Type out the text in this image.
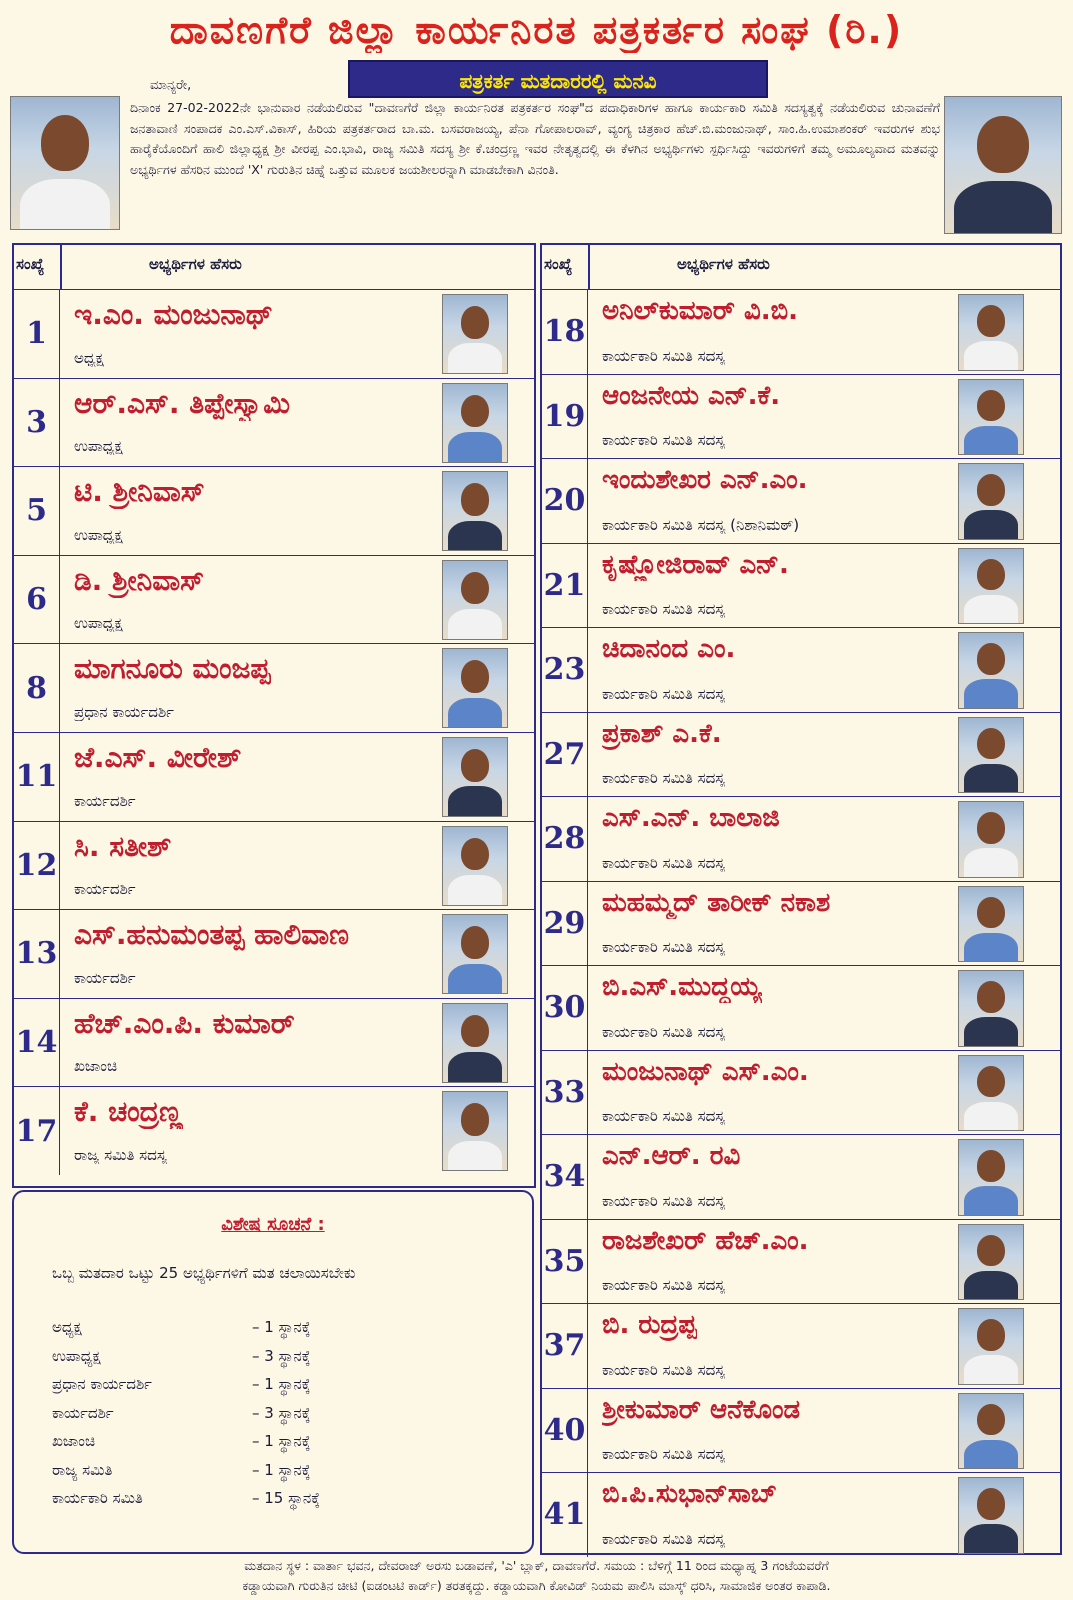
ದಾವಣಗೆರೆ ಜಿಲ್ಲಾ ಕಾರ್ಯನಿರತ ಪತ್ರಕರ್ತರ ಸಂಘ (ರಿ.)
ಪತ್ರಕರ್ತ ಮತದಾರರಲ್ಲಿ ಮನವಿ
ಮಾನ್ಯರೇ,
ದಿನಾಂಕ 27-02-2022ನೇ ಭಾನುವಾರ ನಡೆಯಲಿರುವ "ದಾವಣಗೆರೆ ಜಿಲ್ಲಾ ಕಾರ್ಯನಿರತ ಪತ್ರಕರ್ತರ ಸಂಘ"ದ ಪದಾಧಿಕಾರಿಗಳ ಹಾಗೂ ಕಾರ್ಯಕಾರಿ ಸಮಿತಿ ಸದಸ್ಯತ್ವಕ್ಕೆ ನಡೆಯಲಿರುವ ಚುನಾವಣೆಗೆ ಜನತಾವಾಣಿ ಸಂಪಾದಕ ಎಂ.ಎಸ್.ವಿಕಾಸ್, ಹಿರಿಯ ಪತ್ರಕರ್ತರಾದ ಬಾ.ಮ. ಬಸವರಾಜಯ್ಯ, ಪೆನಾ ಗೋಪಾಲರಾವ್, ವ್ಯಂಗ್ಯ ಚಿತ್ರಕಾರ ಹೆಚ್.ಬಿ.ಮಂಜುನಾಥ್, ಸಾಂ.ಹಿ.ಉಮಾಶಂಕರ್ ಇವರುಗಳ ಶುಭ ಹಾರೈಕೆಯೊಂದಿಗೆ ಹಾಲಿ ಜಿಲ್ಲಾಧ್ಯಕ್ಷ ಶ್ರೀ ವೀರಪ್ಪ ಎಂ.ಭಾವಿ, ರಾಜ್ಯ ಸಮಿತಿ ಸದಸ್ಯ ಶ್ರೀ ಕೆ.ಚಂದ್ರಣ್ಣ ಇವರ ನೇತೃತ್ವದಲ್ಲಿ ಈ ಕೆಳಗಿನ ಅಭ್ಯರ್ಥಿಗಳು ಸ್ಪರ್ಧಿಸಿದ್ದು ಇವರುಗಳಿಗೆ ತಮ್ಮ ಅಮೂಲ್ಯವಾದ ಮತವನ್ನು ಅಭ್ಯರ್ಥಿಗಳ ಹೆಸರಿನ ಮುಂದೆ 'X' ಗುರುತಿನ ಚಿಹ್ನೆ ಒತ್ತುವ ಮೂಲಕ ಜಯಶೀಲರನ್ನಾಗಿ ಮಾಡಬೇಕಾಗಿ ವಿನಂತಿ.
ಸಂಖ್ಯೆ	ಅಭ್ಯರ್ಥಿಗಳ ಹೆಸರು
1
ಇ.ಎಂ. ಮಂಜುನಾಥ್
ಅಧ್ಯಕ್ಷ
3
ಆರ್.ಎಸ್. ತಿಪ್ಪೇಸ್ವಾಮಿ
ಉಪಾಧ್ಯಕ್ಷ
5
ಟಿ. ಶ್ರೀನಿವಾಸ್
ಉಪಾಧ್ಯಕ್ಷ
6
ಡಿ. ಶ್ರೀನಿವಾಸ್
ಉಪಾಧ್ಯಕ್ಷ
8
ಮಾಗನೂರು ಮಂಜಪ್ಪ
ಪ್ರಧಾನ ಕಾರ್ಯದರ್ಶಿ
11
ಜೆ.ಎಸ್. ವೀರೇಶ್
ಕಾರ್ಯದರ್ಶಿ
12
ಸಿ. ಸತೀಶ್
ಕಾರ್ಯದರ್ಶಿ
13
ಎಸ್.ಹನುಮಂತಪ್ಪ ಹಾಲಿವಾಣ
ಕಾರ್ಯದರ್ಶಿ
14
ಹೆಚ್.ಎಂ.ಪಿ. ಕುಮಾರ್
ಖಜಾಂಚಿ
17
ಕೆ. ಚಂದ್ರಣ್ಣ
ರಾಜ್ಯ ಸಮಿತಿ ಸದಸ್ಯ
ಸಂಖ್ಯೆ	ಅಭ್ಯರ್ಥಿಗಳ ಹೆಸರು
18
ಅನಿಲ್‌ಕುಮಾರ್ ವಿ.ಬಿ.
ಕಾರ್ಯಕಾರಿ ಸಮಿತಿ ಸದಸ್ಯ
19
ಆಂಜನೇಯ ಎನ್.ಕೆ.
ಕಾರ್ಯಕಾರಿ ಸಮಿತಿ ಸದಸ್ಯ
20
ಇಂದುಶೇಖರ ಎನ್.ಎಂ.
ಕಾರ್ಯಕಾರಿ ಸಮಿತಿ ಸದಸ್ಯ (ನಿಶಾನಿಮಠ್)
21
ಕೃಷ್ಣೋಜಿರಾವ್ ಎನ್.
ಕಾರ್ಯಕಾರಿ ಸಮಿತಿ ಸದಸ್ಯ
23
ಚಿದಾನಂದ ಎಂ.
ಕಾರ್ಯಕಾರಿ ಸಮಿತಿ ಸದಸ್ಯ
27
ಪ್ರಕಾಶ್ ಎ.ಕೆ.
ಕಾರ್ಯಕಾರಿ ಸಮಿತಿ ಸದಸ್ಯ
28
ಎಸ್.ಎನ್. ಬಾಲಾಜಿ
ಕಾರ್ಯಕಾರಿ ಸಮಿತಿ ಸದಸ್ಯ
29
ಮಹಮ್ಮದ್ ತಾರೀಕ್ ನಕಾಶ
ಕಾರ್ಯಕಾರಿ ಸಮಿತಿ ಸದಸ್ಯ
30
ಬಿ.ಎಸ್.ಮುದ್ದಯ್ಯ
ಕಾರ್ಯಕಾರಿ ಸಮಿತಿ ಸದಸ್ಯ
33
ಮಂಜುನಾಥ್ ಎಸ್.ಎಂ.
ಕಾರ್ಯಕಾರಿ ಸಮಿತಿ ಸದಸ್ಯ
34
ಎನ್.ಆರ್. ರವಿ
ಕಾರ್ಯಕಾರಿ ಸಮಿತಿ ಸದಸ್ಯ
35
ರಾಜಶೇಖರ್ ಹೆಚ್.ಎಂ.
ಕಾರ್ಯಕಾರಿ ಸಮಿತಿ ಸದಸ್ಯ
37
ಬಿ. ರುದ್ರಪ್ಪ
ಕಾರ್ಯಕಾರಿ ಸಮಿತಿ ಸದಸ್ಯ
40
ಶ್ರೀಕುಮಾರ್ ಆನೆಕೊಂಡ
ಕಾರ್ಯಕಾರಿ ಸಮಿತಿ ಸದಸ್ಯ
41
ಬಿ.ಪಿ.ಸುಭಾನ್‌ಸಾಬ್
ಕಾರ್ಯಕಾರಿ ಸಮಿತಿ ಸದಸ್ಯ
ವಿಶೇಷ ಸೂಚನೆ :
ಒಬ್ಬ ಮತದಾರ ಒಟ್ಟು 25 ಅಭ್ಯರ್ಥಿಗಳಿಗೆ ಮತ ಚಲಾಯಿಸಬೇಕು
ಅಧ್ಯಕ್ಷ	– 1 ಸ್ಥಾನಕ್ಕೆ
ಉಪಾಧ್ಯಕ್ಷ	– 3 ಸ್ಥಾನಕ್ಕೆ
ಪ್ರಧಾನ ಕಾರ್ಯದರ್ಶಿ	– 1 ಸ್ಥಾನಕ್ಕೆ
ಕಾರ್ಯದರ್ಶಿ	– 3 ಸ್ಥಾನಕ್ಕೆ
ಖಜಾಂಚಿ	– 1 ಸ್ಥಾನಕ್ಕೆ
ರಾಜ್ಯ ಸಮಿತಿ	– 1 ಸ್ಥಾನಕ್ಕೆ
ಕಾರ್ಯಕಾರಿ ಸಮಿತಿ	– 15 ಸ್ಥಾನಕ್ಕೆ
ಮತದಾನ ಸ್ಥಳ : ವಾರ್ತಾ ಭವನ, ದೇವರಾಜ್ ಅರಸು ಬಡಾವಣೆ, 'ಎ' ಬ್ಲಾಕ್, ದಾವಣಗೆರೆ. ಸಮಯ : ಬೆಳಿಗ್ಗೆ 11 ರಿಂದ ಮಧ್ಯಾಹ್ನ 3 ಗಂಟೆಯವರೆಗೆ
ಕಡ್ಡಾಯವಾಗಿ ಗುರುತಿನ ಚೀಟಿ (ಐಡಂಟಟಿ ಕಾರ್ಡ್) ತರತಕ್ಕದ್ದು. ಕಡ್ಡಾಯವಾಗಿ ಕೋವಿಡ್ ನಿಯಮ ಪಾಲಿಸಿ ಮಾಸ್ಕ್ ಧರಿಸಿ, ಸಾಮಾಜಿಕ ಅಂತರ ಕಾಪಾಡಿ.
